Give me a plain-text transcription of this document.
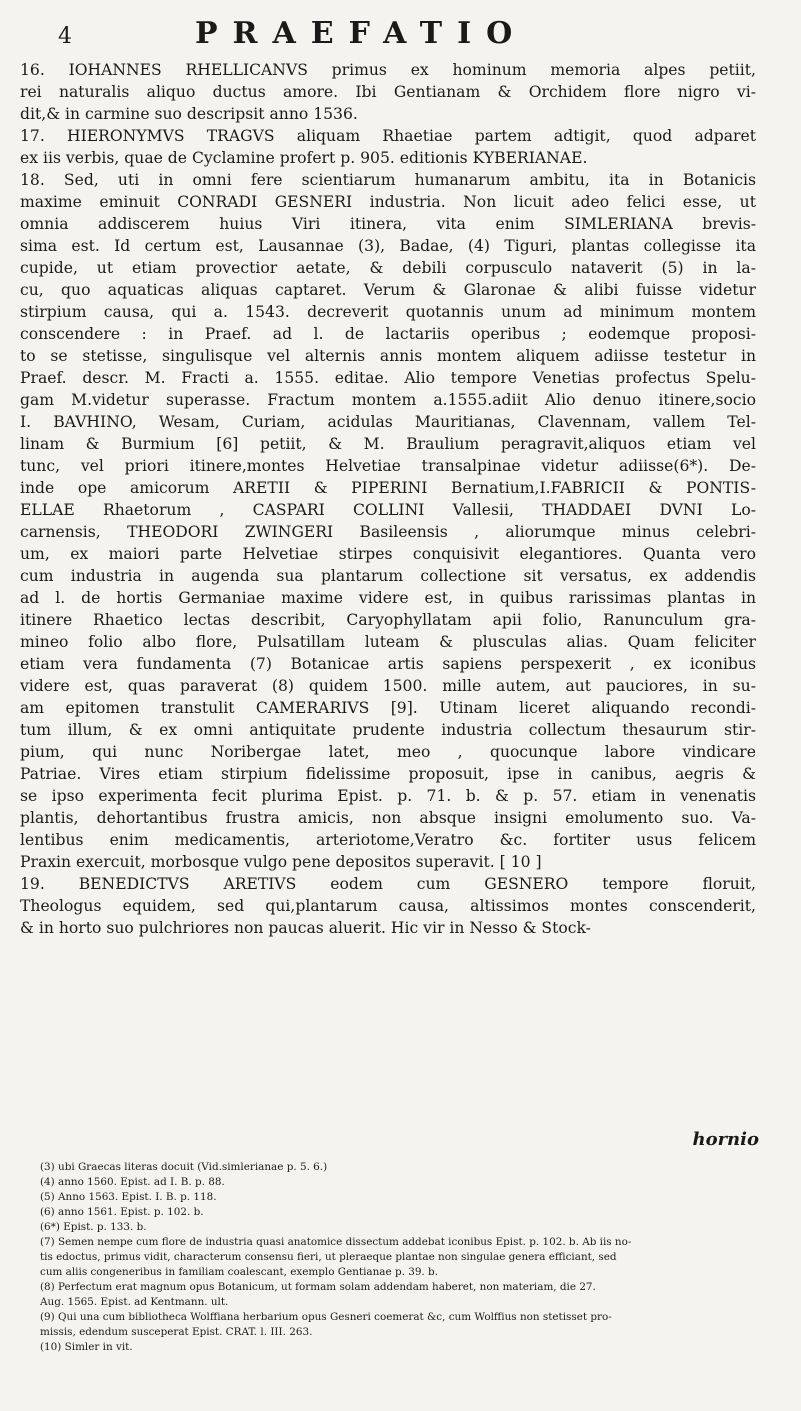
4	PRAEFATIO

16. IOHANNES RHELLICANVS primus ex hominum memoria alpes petiit,
rei naturalis aliquo ductus amore. Ibi Gentianam & Orchidem flore nigro vi-
dit,& in carmine suo descripsit anno 1536.

17. HIERONYMVS TRAGVS aliquam Rhaetiae partem adtigit, quod adparet
ex iis verbis, quae de Cyclamine profert p. 905. editionis KYBERIANAE.

18. Sed, uti in omni fere scientiarum humanarum ambitu, ita in Botanicis
maxime eminuit CONRADI GESNERI industria. Non licuit adeo felici esse, ut
omnia addiscerem huius Viri itinera, vita enim SIMLERIANA brevis-
sima est. Id certum est, Lausannae (3), Badae, (4) Tiguri, plantas collegisse ita
cupide, ut etiam provectior aetate, & debili corpusculo nataverit (5) in la-
cu, quo aquaticas aliquas captaret. Verum & Glaronae & alibi fuisse videtur
stirpium causa, qui a. 1543. decreverit quotannis unum ad minimum montem
conscendere : in Praef. ad l. de lactariis operibus ; eodemque proposi-
to se stetisse, singulisque vel alternis annis montem aliquem adiisse testetur in
Praef. descr. M. Fracti a. 1555. editae. Alio tempore Venetias profectus Spelu-
gam M.videtur superasse. Fractum montem a.1555.adiit Alio denuo itinere,socio
I. BAVHINO, Wesam, Curiam, acidulas Mauritianas, Clavennam, vallem Tel-
linam & Burmium [6] petiit, & M. Braulium peragravit,aliquos etiam vel
tunc, vel priori itinere,montes Helvetiae transalpinae videtur adiisse(6*). De-
inde ope amicorum ARETII & PIPERINI Bernatium,I.FABRICII & PONTIS-
ELLAE Rhaetorum , CASPARI COLLINI Vallesii, THADDAEI DVNI Lo-
carnensis, THEODORI ZWINGERI Basileensis , aliorumque minus celebri-
um, ex maiori parte Helvetiae stirpes conquisivit elegantiores. Quanta vero
cum industria in augenda sua plantarum collectione sit versatus, ex addendis
ad l. de hortis Germaniae maxime videre est, in quibus rarissimas plantas in
itinere Rhaetico lectas describit, Caryophyllatam apii folio, Ranunculum gra-
mineo folio albo flore, Pulsatillam luteam & plusculas alias. Quam feliciter
etiam vera fundamenta (7) Botanicae artis sapiens perspexerit , ex iconibus
videre est, quas paraverat (8) quidem 1500. mille autem, aut pauciores, in su-
am epitomen transtulit CAMERARIVS [9]. Utinam liceret aliquando recondi-
tum illum, & ex omni antiquitate prudente industria collectum thesaurum stir-
pium, qui nunc Noribergae latet, meo , quocunque labore vindicare
Patriae. Vires etiam stirpium fidelissime proposuit, ipse in canibus, aegris &
se ipso experimenta fecit plurima Epist. p. 71. b. & p. 57. etiam in venenatis
plantis, dehortantibus frustra amicis, non absque insigni emolumento suo. Va-
lentibus enim medicamentis, arteriotome,Veratro &c. fortiter usus felicem
Praxin exercuit, morbosque vulgo pene depositos superavit. [ 10 ]

19. BENEDICTVS ARETIVS eodem cum GESNERO tempore floruit,
Theologus equidem, sed qui,plantarum causa, altissimos montes conscenderit,
& in horto suo pulchriores non paucas aluerit. Hic vir in Nesso & Stock-

hornio

(3) ubi Graecas literas docuit (Vid.simlerianae p. 5. 6.)

(4) anno 1560. Epist. ad I. B. p. 88.

(5) Anno 1563. Epist. I. B. p. 118.

(6) anno 1561. Epist. p. 102. b.

(6*) Epist. p. 133. b.

(7) Semen nempe cum flore de industria quasi anatomice dissectum addebat iconibus Epist. p. 102. b. Ab iis no-

tis edoctus, primus vidit, characterum consensu fieri, ut pleraeque plantae non singulae genera efficiant, sed

cum aliis congeneribus in familiam coalescant, exemplo Gentianae p. 39. b.

(8) Perfectum erat magnum opus Botanicum, ut formam solam addendam haberet, non materiam, die 27.

Aug. 1565. Epist. ad Kentmann. ult.

(9) Qui una cum bibliotheca Wolffiana herbarium opus Gesneri coemerat &c, cum Wolffius non stetisset pro-

missis, edendum susceperat Epist. CRAT. l. III. 263.

(10) Simler in vit.
